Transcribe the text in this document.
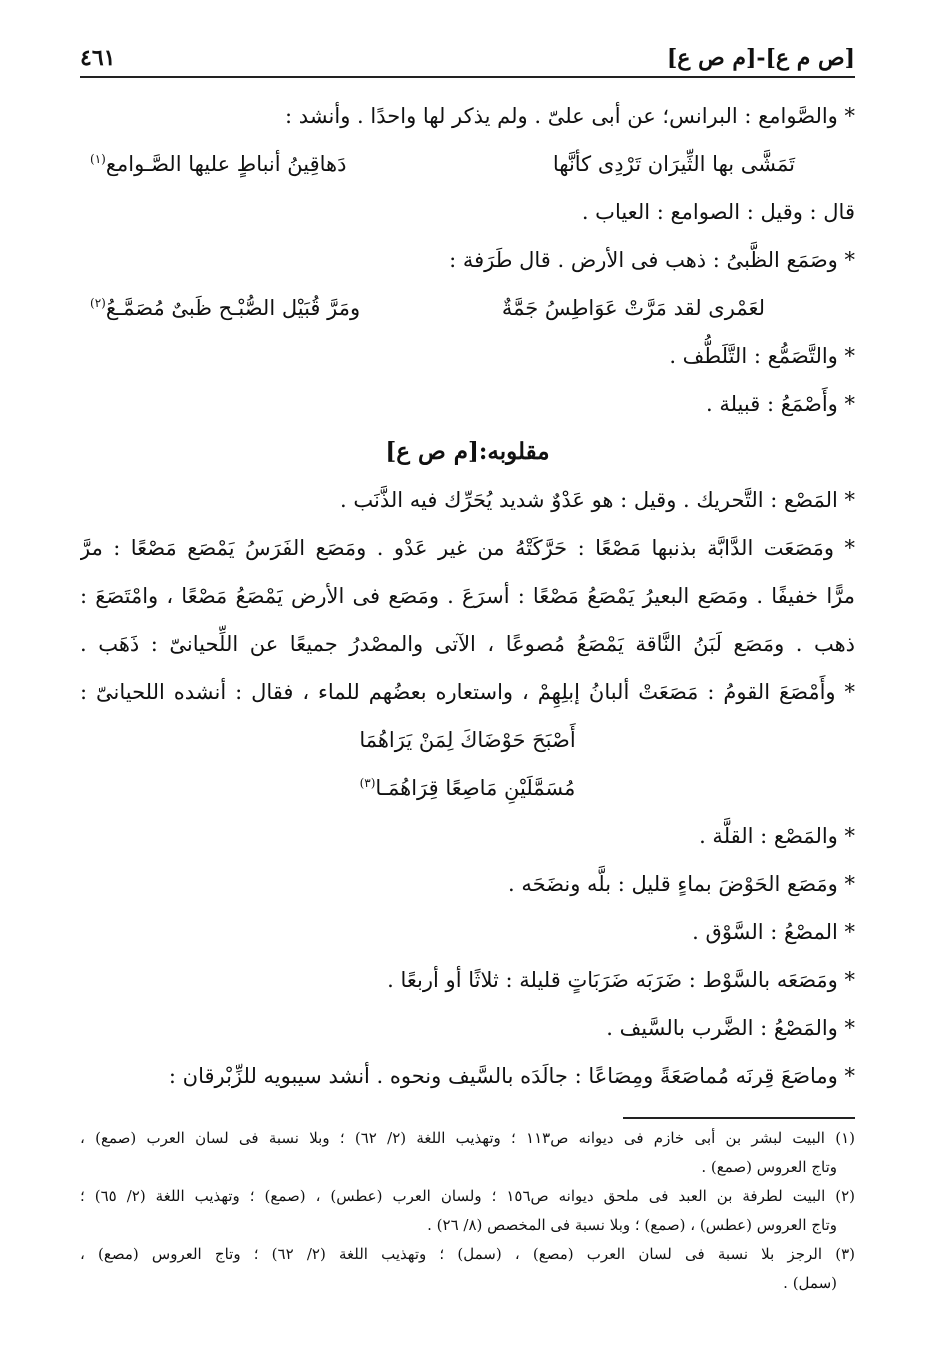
[ص م ع]-[م ص ع]
٤٦١
* والصَّوامع : البرانس؛ عن أبى علىّ . ولم يذكر لها واحدًا . وأنشد :
تَمَشَّى بها الثِّيرَان تَرْدِى كأنَّها
دَهاقِينُ أنباطٍ عليها الصَّـوامع$^{(١)}$
قال : وقيل : الصوامع : العياب .
* وصَمَع الظَّبىُ : ذهب فى الأرض . قال طَرَفة :
لعَمْرى لقد مَرَّتْ عَوَاطِسُ جَمَّةٌ
ومَرَّ قُبَيْل الصُّبْـح ظَبىٌ مُصَمَّـعُ$^{(٢)}$
* والتَّصَمُّع : التَّلَطُّف .
* وأَصْمَعُ : قبيلة .
مقلوبه:[م ص ع]
* المَصْع : التَّحريك . وقيل : هو عَدْوٌ شديد يُحَرِّك فيه الذَّنَب .
* ومَصَعَت الدَّابَّة بذنبها مَصْعًا : حَرَّكَتْهُ من غير عَدْو . ومَصَع الفَرَسُ يَمْصَع مَصْعًا : مرَّ
مرًّا خفيفًا . ومَصَع البعيرُ يَمْصَعُ مَصْعًا : أسرَعَ . ومَصَع فى الأرض يَمْصَعُ مَصْعًا ، وامْتَصَعَ :
ذهب . ومَصَع لَبَنُ النَّاقة يَمْصَعُ مُصوعًا ، الآتى والمصْدرُ جميعًا عن اللِّحيانىّ : ذَهَب .
* وأَمْصَعَ القومُ : مَصَعَتْ ألبانُ إبلِهِمْ ، واستعاره بعضُهم للماء ، فقال : أنشده اللحيانىّ :
أَصْبَحَ حَوْضَاكَ لِمَنْ يَرَاهُمَا
مُسَمَّلَيْنِ مَاصِعًا قِرَاهُمَـا$^{(٣)}$
* والمَصْع : القلَّة .
* ومَصَع الحَوْضَ بماءٍ قليل : بلَّه ونضَحَه .
* المصْعُ : السَّوْق .
* ومَصَعَه بالسَّوْط : ضَرَبَه ضَرَبَاتٍ قليلة : ثلاثًا أو أربعًا .
* والمَصْعُ : الضَّرب بالسَّيف .
* وماصَعَ قِرنَه مُماصَعَةً ومِصَاعًا : جالَدَه بالسَّيف ونحوه . أنشد سيبويه للزِّبْرقان :
(١) البيت لبشر بن أبى خازم فى ديوانه ص١١٣ ؛ وتهذيب اللغة (٢/ ٦٢) ؛ وبلا نسبة فى لسان العرب (صمع) ،
وتاج العروس (صمع) .
(٢) البيت لطرفة بن العبد فى ملحق ديوانه ص١٥٦ ؛ ولسان العرب (عطس) ، (صمع) ؛ وتهذيب اللغة (٢/ ٦٥) ؛
وتاج العروس (عطس) ، (صمع) ؛ وبلا نسبة فى المخصص (٨/ ٢٦) .
(٣) الرجز بلا نسبة فى لسان العرب (مصع) ، (سمل) ؛ وتهذيب اللغة (٢/ ٦٢) ؛ وتاج العروس (مصع) ،
(سمل) .
